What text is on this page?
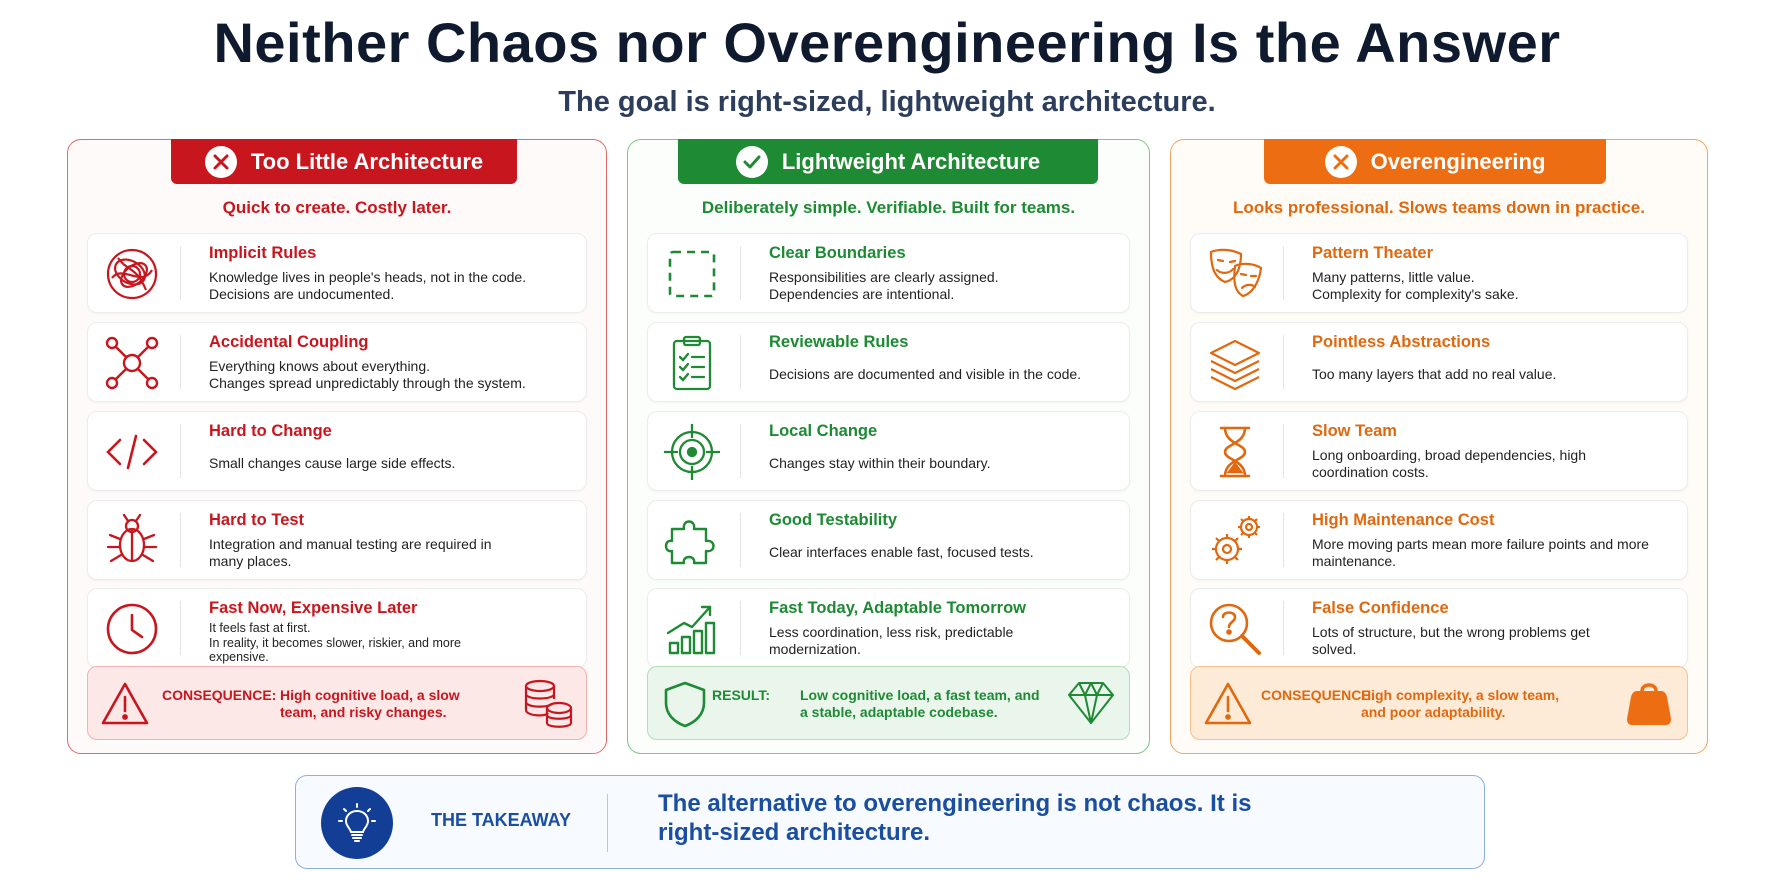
Neither Chaos nor Overengineering Is the Answer
The goal is right-sized, lightweight architecture.
Too Little Architecture
Quick to create. Costly later.
Implicit Rules
Knowledge lives in people's heads, not in the code.
Decisions are undocumented.
Accidental Coupling
Everything knows about everything.
Changes spread unpredictably through the system.
Hard to Change
Small changes cause large side effects.
Hard to Test
Integration and manual testing are required in many places.
Fast Now, Expensive Later
It feels fast at first.
In reality, it becomes slower, riskier, and more expensive.
CONSEQUENCE: High cognitive load, a slow team, and risky changes.
Lightweight Architecture
Deliberately simple. Verifiable. Built for teams.
Clear Boundaries
Responsibilities are clearly assigned.
Dependencies are intentional.
Reviewable Rules
Decisions are documented and visible in the code.
Local Change
Changes stay within their boundary.
Good Testability
Clear interfaces enable fast, focused tests.
Fast Today, Adaptable Tomorrow
Less coordination, less risk, predictable modernization.
RESULT: Low cognitive load, a fast team, and a stable, adaptable codebase.
Overengineering
Looks professional. Slows teams down in practice.
Pattern Theater
Many patterns, little value.
Complexity for complexity's sake.
Pointless Abstractions
Too many layers that add no real value.
Slow Team
Long onboarding, broad dependencies, high coordination costs.
High Maintenance Cost
More moving parts mean more failure points and more maintenance.
False Confidence
Lots of structure, but the wrong problems get solved.
CONSEQUENCE:
High complexity, a slow team, and poor adaptability.
THE TAKEAWAY
The alternative to overengineering is not chaos. It is right-sized architecture.
